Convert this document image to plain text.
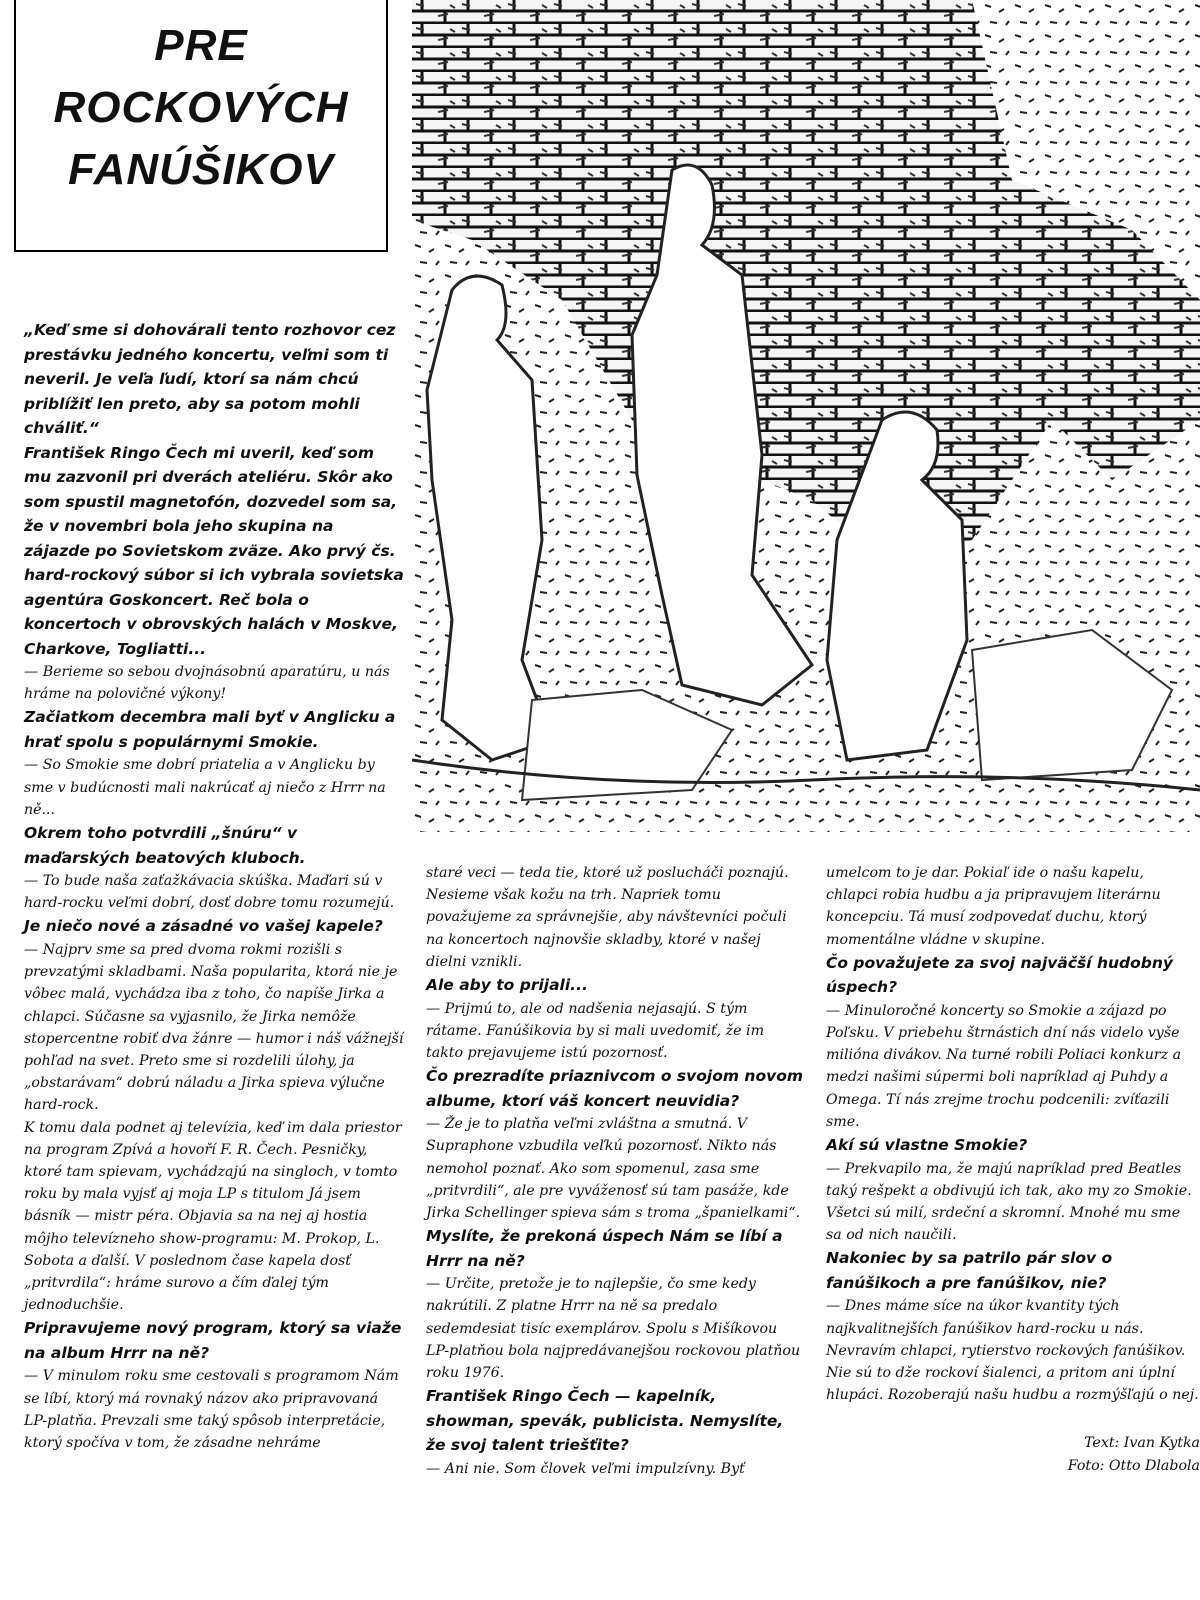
PRE
ROCKOVÝCH
FANÚŠIKOV

„Keď sme si dohovárali tento rozhovor cez prestávku jedného koncertu, veľmi som ti neveril. Je veľa ľudí, ktorí sa nám chcú priblížiť len preto, aby sa potom mohli chváliť.“

František Ringo Čech mi uveril, keď som mu zazvonil pri dverách ateliéru. Skôr ako som spustil magnetofón, dozvedel som sa, že v novembri bola jeho skupina na zájazde po Sovietskom zväze. Ako prvý čs. hard-rockový súbor si ich vybrala sovietska agentúra Goskoncert. Reč bola o koncertoch v obrovských halách v Moskve, Charkove, Togliatti...

— Berieme so sebou dvojnásobnú aparatúru, u nás hráme na polovičné výkony!

Začiatkom decembra mali byť v Anglicku a hrať spolu s populárnymi Smokie.

— So Smokie sme dobrí priatelia a v Anglicku by sme v budúcnosti mali nakrúcať aj niečo z Hrrr na ně...

Okrem toho potvrdili „šnúru“ v maďarských beatových kluboch.

— To bude naša zaťažkávacia skúška. Maďari sú v hard-rocku veľmi dobrí, dosť dobre tomu rozumejú.

Je niečo nové a zásadné vo vašej kapele?

— Najprv sme sa pred dvoma rokmi rozišli s prevzatými skladbami. Naša popularita, ktorá nie je vôbec malá, vychádza iba z toho, čo napíše Jirka a chlapci. Súčasne sa vyjasnilo, že Jirka nemôže stopercentne robiť dva žánre — humor i náš vážnejší pohľad na svet. Preto sme si rozdelili úlohy, ja „obstarávam“ dobrú náladu a Jirka spieva výlučne hard-rock.

K tomu dala podnet aj televízia, keď im dala priestor na program Zpívá a hovoří F. R. Čech. Pesničky, ktoré tam spievam, vychádzajú na singloch, v tomto roku by mala vyjsť aj moja LP s titulom Já jsem básník — mistr péra. Objavia sa na nej aj hostia môjho televízneho show-programu: M. Prokop, L. Sobota a ďalší. V poslednom čase kapela dosť „pritvrdila“: hráme surovo a čím ďalej tým jednoduchšie.

Pripravujeme nový program, ktorý sa viaže na album Hrrr na ně?

— V minulom roku sme cestovali s programom Nám se líbí, ktorý má rovnaký názov ako pripravovaná LP-platňa. Prevzali sme taký spôsob interpretácie, ktorý spočíva v tom, že zásadne nehráme

staré veci — teda tie, ktoré už poslucháči poznajú. Nesieme však kožu na trh. Napriek tomu považujeme za správnejšie, aby návštevníci počuli na koncertoch najnovšie skladby, ktoré v našej dielni vznikli.

Ale aby to prijali...

— Prijmú to, ale od nadšenia nejasajú. S tým rátame. Fanúšikovia by si mali uvedomiť, že im takto prejavujeme istú pozornosť.

Čo prezradíte priaznivcom o svojom novom albume, ktorí váš koncert neuvidia?

— Že je to platňa veľmi zvláštna a smutná. V Supraphone vzbudila veľkú pozornosť. Nikto nás nemohol poznať. Ako som spomenul, zasa sme „pritvrdili“, ale pre vyváženosť sú tam pasáže, kde Jirka Schellinger spieva sám s troma „španielkami“.

Myslíte, že prekoná úspech Nám se líbí a Hrrr na ně?

— Určite, pretože je to najlepšie, čo sme kedy nakrútili. Z platne Hrrr na ně sa predalo sedemdesiat tisíc exemplárov. Spolu s Mišíkovou LP-platňou bola najpredávanejšou rockovou platňou roku 1976.

František Ringo Čech — kapelník, showman, spevák, publicista. Nemyslíte, že svoj talent triešťite?

— Ani nie. Som človek veľmi impulzívny. Byť

umelcom to je dar. Pokiaľ ide o našu kapelu, chlapci robia hudbu a ja pripravujem literárnu koncepciu. Tá musí zodpovedať duchu, ktorý momentálne vládne v skupine.

Čo považujete za svoj najväčší hudobný úspech?

— Minuloročné koncerty so Smokie a zájazd po Poľsku. V priebehu štrnástich dní nás videlo vyše milióna divákov. Na turné robili Poliaci konkurz a medzi našimi súpermi boli napríklad aj Puhdy a Omega. Tí nás zrejme trochu podcenili: zvíťazili sme.

Akí sú vlastne Smokie?

— Prekvapilo ma, že majú napríklad pred Beatles taký rešpekt a obdivujú ich tak, ako my zo Smokie. Všetci sú milí, srdeční a skromní. Mnohé mu sme sa od nich naučili.

Nakoniec by sa patrilo pár slov o fanúšikoch a pre fanúšikov, nie?

— Dnes máme síce na úkor kvantity tých najkvalitnejších fanúšikov hard-rocku u nás. Nevravím chlapci, rytierstvo rockových fanúšikov. Nie sú to dže rockoví šialenci, a pritom ani úplní hlupáci. Rozoberajú našu hudbu a rozmýšľajú o nej.

Text: Ivan Kytka
Foto: Otto Dlabola
